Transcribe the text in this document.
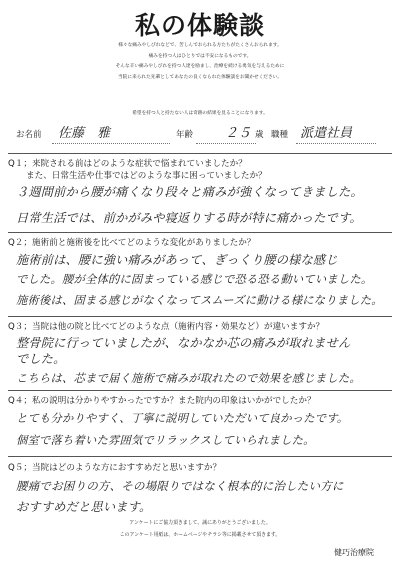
私の体験談
様々な痛みやしびれなどで、苦しんでおられる方たちがたくさんおられます。
痛みを持つ人はひとりでは不安になるものです。
そんな辛い痛みやしびれを持つ人達を励まし、治療を続ける勇気を与えるために
当院に来られた先輩としてあなたの良くなられた体験談をお聞かせください。
希望を持つ人と持たない人は奇跡の結果を見ることになります。
お名前 佐藤　雅	年齢 ２５ 歳 職種 派遣社員
Q１；来院される前はどのような症状で悩まれていましたか？
また、日常生活や仕事ではどのような事に困っていましたか？
３週間前から腰が痛くなり段々と痛みが強くなってきました。
日常生活では、前かがみや寝返りする時が特に痛かったです。
Q２；施術前と施術後を比べてどのような変化がありましたか？
施術前は、腰に強い痛みがあって、ぎっくり腰の様な感じ
でした。腰が全体的に固まっている感じで恐る恐る動いていました。
施術後は、固まる感じがなくなってスムーズに動ける様になりました。
Q３；当院は他の院と比べてどのような点（施術内容・効果など）が違いますか？
整骨院に行っていましたが、なかなか芯の痛みが取れません
でした。
こちらは、芯まで届く施術で痛みが取れたので効果を感じました。
Q４；私の説明は分かりやすかったですか？また院内の印象はいかがでしたか？
とても分かりやすく、丁寧に説明していただいて良かったです。
個室で落ち着いた雰囲気でリラックスしていられました。
Q５；当院はどのような方におすすめだと思いますか？
腰痛でお困りの方、その場限りではなく根本的に治したい方に
おすすめだと思います。
アンケートにご協力頂きまして、誠にありがとうございました。
このアンケート用紙は、ホームページやチラシ等に掲載させて頂きます。
健巧治療院
